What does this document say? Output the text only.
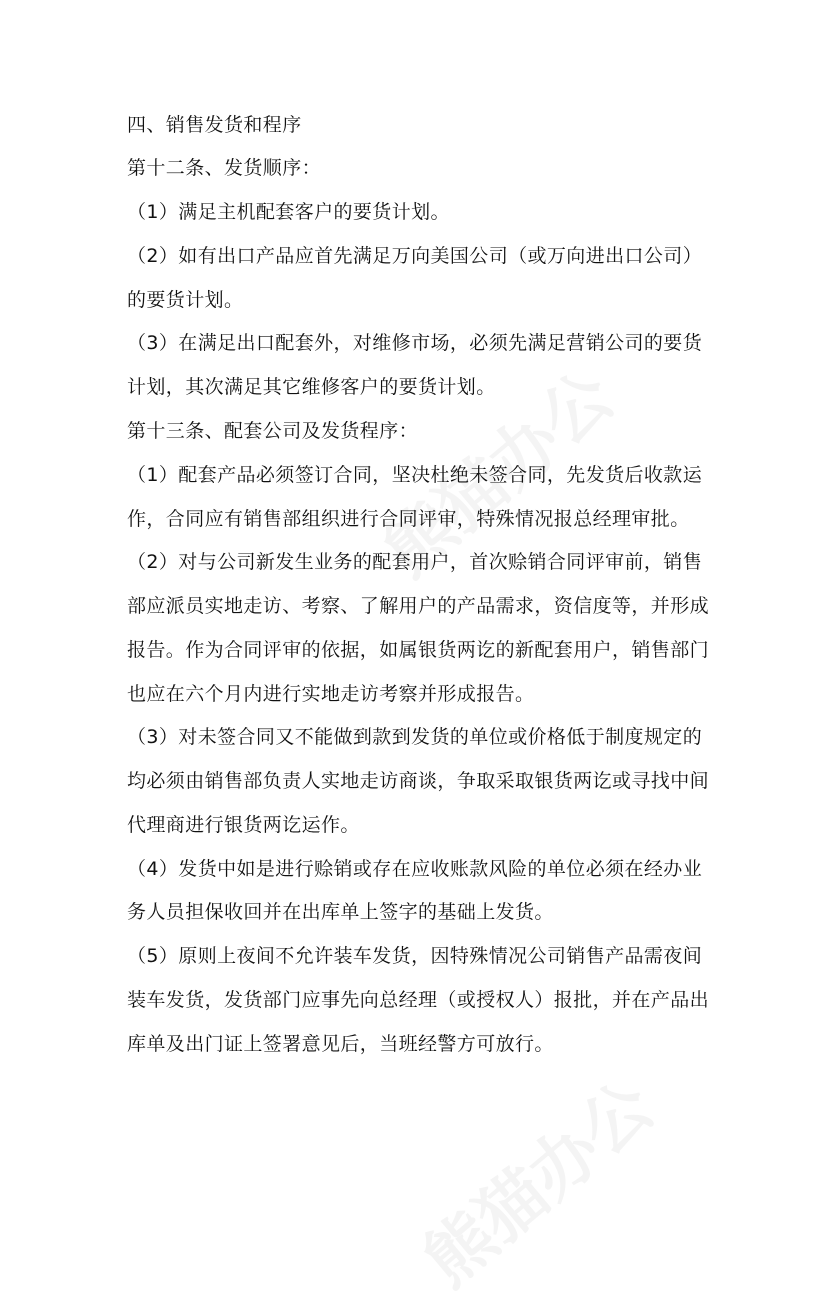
四、销售发货和程序
第十二条、发货顺序：
（1）满足主机配套客户的要货计划。
（2）如有出口产品应首先满足万向美国公司（或万向进出口公司）
的要货计划。
（3）在满足出口配套外，对维修市场，必须先满足营销公司的要货
计划，其次满足其它维修客户的要货计划。
第十三条、配套公司及发货程序：
（1）配套产品必须签订合同，坚决杜绝未签合同，先发货后收款运
作，合同应有销售部组织进行合同评审，特殊情况报总经理审批。
（2）对与公司新发生业务的配套用户，首次赊销合同评审前，销售
部应派员实地走访、考察、了解用户的产品需求，资信度等，并形成
报告。作为合同评审的依据，如属银货两讫的新配套用户，销售部门
也应在六个月内进行实地走访考察并形成报告。
（3）对未签合同又不能做到款到发货的单位或价格低于制度规定的
均必须由销售部负责人实地走访商谈，争取采取银货两讫或寻找中间
代理商进行银货两讫运作。
（4）发货中如是进行赊销或存在应收账款风险的单位必须在经办业
务人员担保收回并在出库单上签字的基础上发货。
（5）原则上夜间不允许装车发货，因特殊情况公司销售产品需夜间
装车发货，发货部门应事先向总经理（或授权人）报批，并在产品出
库单及出门证上签署意见后，当班经警方可放行。
